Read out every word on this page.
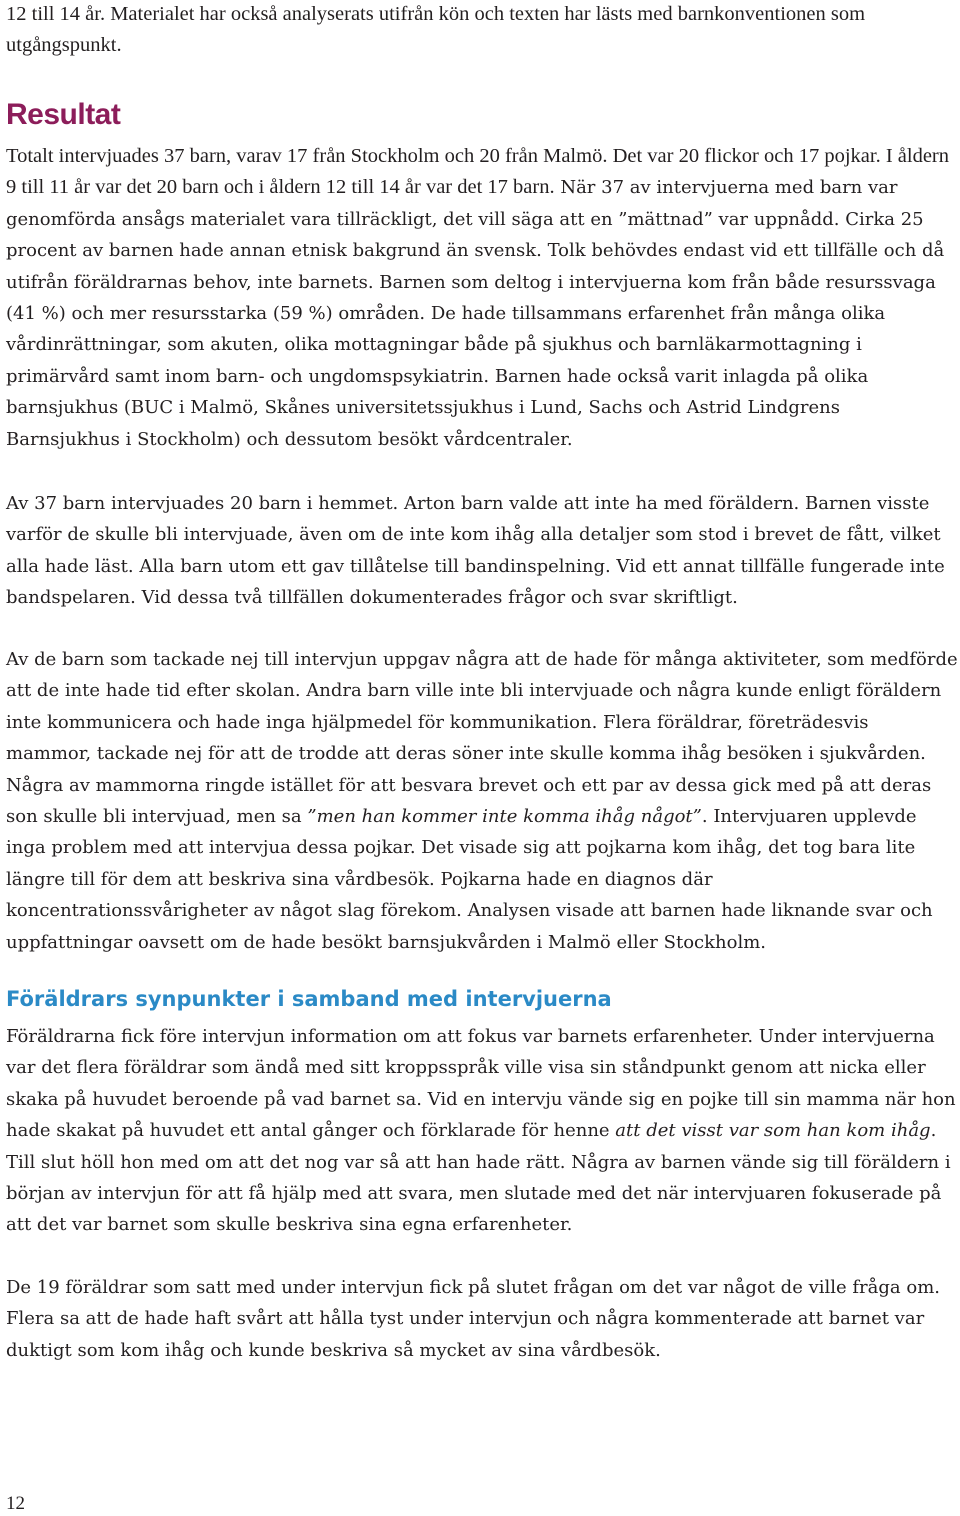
12 till 14 år. Materialet har också analyserats utifrån kön och texten har lästs med barnkonventionen som utgångspunkt.

Resultat

Totalt intervjuades 37 barn, varav 17 från Stockholm och 20 från Malmö. Det var 20 flickor och 17 pojkar. I åldern 9 till 11 år var det 20 barn och i åldern 12 till 14 år var det 17 barn. När 37 av intervjuerna med barn var genomförda ansågs materialet vara tillräckligt, det vill säga att en ”mättnad” var uppnådd. Cirka 25 procent av barnen hade annan etnisk bakgrund än svensk. Tolk behövdes endast vid ett tillfälle och då utifrån föräldrarnas behov, inte barnets. Barnen som deltog i intervjuerna kom från både resurssvaga (41 %) och mer resursstarka (59 %) områden. De hade tillsammans erfarenhet från många olika vårdinrättningar, som akuten, olika mottagningar både på sjukhus och barnläkarmottagning i primärvård samt inom barn- och ungdomspsykiatrin. Barnen hade också varit inlagda på olika barnsjukhus (BUC i Malmö, Skånes universitetssjukhus i Lund, Sachs och Astrid Lindgrens Barnsjukhus i Stockholm) och dessutom besökt vårdcentraler.

Av 37 barn intervjuades 20 barn i hemmet. Arton barn valde att inte ha med föräldern. Barnen visste varför de skulle bli intervjuade, även om de inte kom ihåg alla detaljer som stod i brevet de fått, vilket alla hade läst. Alla barn utom ett gav tillåtelse till bandinspelning. Vid ett annat tillfälle fungerade inte bandspelaren. Vid dessa två tillfällen dokumenterades frågor och svar skriftligt.

Av de barn som tackade nej till intervjun uppgav några att de hade för många aktiviteter, som medförde att de inte hade tid efter skolan. Andra barn ville inte bli intervjuade och några kunde enligt föräldern inte kommunicera och hade inga hjälpmedel för kommunikation. Flera föräldrar, företrädesvis mammor, tackade nej för att de trodde att deras söner inte skulle komma ihåg besöken i sjukvården. Några av mammorna ringde istället för att besvara brevet och ett par av dessa gick med på att deras son skulle bli intervjuad, men sa ”men han kommer inte komma ihåg något”. Intervjuaren upplevde inga problem med att intervjua dessa pojkar. Det visade sig att pojkarna kom ihåg, det tog bara lite längre till för dem att beskriva sina vårdbesök. Pojkarna hade en diagnos där koncentrationssvårigheter av något slag förekom. Analysen visade att barnen hade liknande svar och uppfattningar oavsett om de hade besökt barnsjukvården i Malmö eller Stockholm.

Föräldrars synpunkter i samband med intervjuerna

Föräldrarna fick före intervjun information om att fokus var barnets erfarenheter. Under intervjuerna var det flera föräldrar som ändå med sitt kroppsspråk ville visa sin ståndpunkt genom att nicka eller skaka på huvudet beroende på vad barnet sa. Vid en intervju vände sig en pojke till sin mamma när hon hade skakat på huvudet ett antal gånger och förklarade för henne att det visst var som han kom ihåg. Till slut höll hon med om att det nog var så att han hade rätt. Några av barnen vände sig till föräldern i början av intervjun för att få hjälp med att svara, men slutade med det när intervjuaren fokuserade på att det var barnet som skulle beskriva sina egna erfarenheter.

De 19 föräldrar som satt med under intervjun fick på slutet frågan om det var något de ville fråga om. Flera sa att de hade haft svårt att hålla tyst under intervjun och några kommenterade att barnet var duktigt som kom ihåg och kunde beskriva så mycket av sina vårdbesök.

12
